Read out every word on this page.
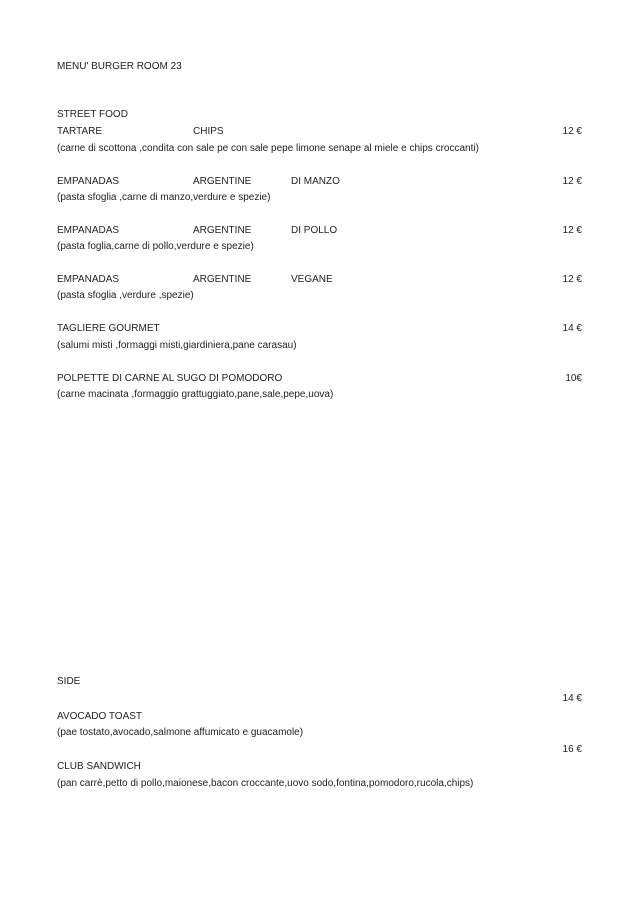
MENU' BURGER ROOM 23
STREET FOOD
TARTARE	CHIPS	12 €
(carne di scottona ,condita con sale pe con sale pepe limone senape al miele e chips croccanti)
EMPANADAS	ARGENTINE	DI MANZO	12 €
(pasta sfoglia ,carne di manzo,verdure e spezie)
EMPANADAS	ARGENTINE	DI POLLO	12 €
(pasta foglia,carne di pollo,verdure e spezie)
EMPANADAS	ARGENTINE	VEGANE	12 €
(pasta sfoglia ,verdure ,spezie)
TAGLIERE GOURMET	14 €
(salumi misti ,formaggi misti,giardiniera,pane carasau)
POLPETTE DI CARNE AL SUGO DI POMODORO	10€
(carne macinata ,formaggio grattuggiato,pane,sale,pepe,uova)
SIDE
14 €
AVOCADO TOAST
(pae tostato,avocado,salmone affumicato e guacamole)
16 €
CLUB SANDWICH
(pan carrè,petto di pollo,maionese,bacon croccante,uovo sodo,fontina,pomodoro,rucola,chips)
